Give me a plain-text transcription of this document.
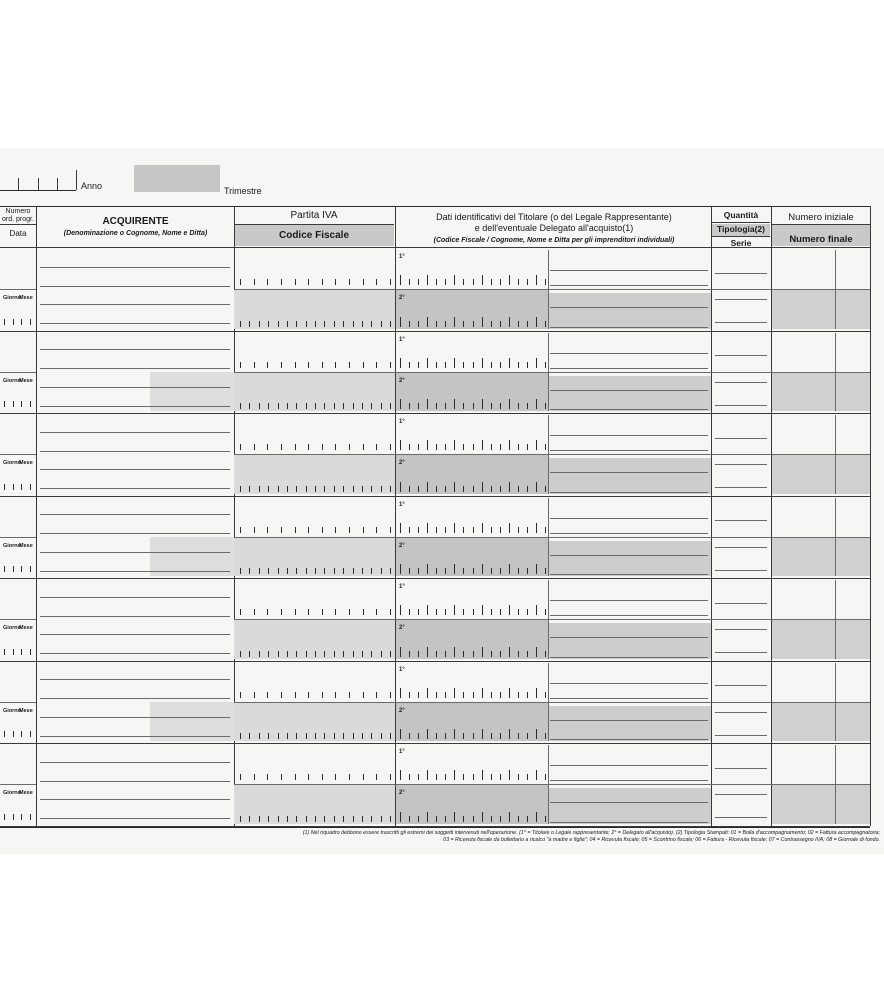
Anno	Trimestre
Numero ord. progr.
Data
ACQUIRENTE
(Denominazione o Cognome, Nome e Ditta)
Partita IVA
Codice Fiscale
Dati identificativi del Titolare (o del Legale Rappresentante)
e dell'eventuale Delegato all'acquisto(1)
(Codice Fiscale / Cognome, Nome e Ditta per gli imprenditori individuali)
Quantità
Tipologia(2)
Serie
Numero iniziale
Numero finale
1°
2°
Giorno
Mese
1°
2°
Giorno
Mese
1°
2°
Giorno
Mese
1°
2°
Giorno
Mese
1°
2°
Giorno
Mese
1°
2°
Giorno
Mese
1°
2°
Giorno
Mese
(1) Nel riquadro debbono essere trascritti gli estremi dei soggetti intervenuti nell'operazione. (1° = Titolare o Legale rappresentante; 2° = Delegato all'acquisto). (2) Tipologia Stampati: 01 = Bolla d'accompagnamento; 02 = Fattura accompagnatoria;
03 = Ricevuta fiscale da bollettario a ricalco "a madre e figlia"; 04 = Ricevuta fiscale; 05 = Scontrino fiscale; 06 = Fattura - Ricevuta fiscale; 07 = Contrassegno IVA; 08 = Giornale di fondo.
